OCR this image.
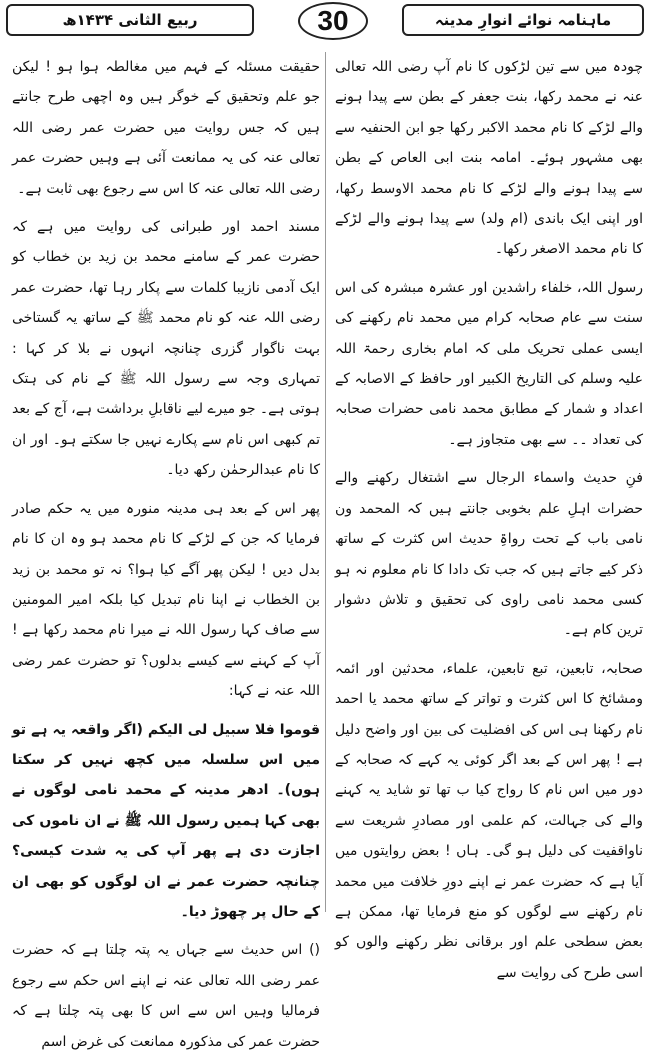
ربیع الثانی ۱۴۳۴ھ	30	ماہنامہ نوائے انوارِ مدینہ

چودہ میں سے تین لڑکوں کا نام آپ رضی اللہ تعالی عنہ نے محمد رکھا، بنت جعفر کے بطن سے پیدا ہونے والے لڑکے کا نام محمد الاکبر رکھا جو ابن الحنفیہ سے بھی مشہور ہوئے۔ امامہ بنت ابی العاص کے بطن سے پیدا ہونے والے لڑکے کا نام محمد الاوسط رکھا، اور اپنی ایک باندی (ام ولد) سے پیدا ہونے والے لڑکے کا نام محمد الاصغر رکھا۔

رسول اللہ، خلفاء راشدین اور عشرہ مبشرہ کی اس سنت سے عام صحابہ کرام میں محمد نام رکھنے کی ایسی عملی تحریک ملی کہ امام بخاری رحمۃ اللہ علیہ وسلم کی التاریخ الکبیر اور حافظ کے الاصابہ کے اعداد و شمار کے مطابق محمد نامی حضرات صحابہ کی تعداد ۔۔ سے بھی متجاوز ہے۔

فنِ حدیث واسماء الرجال سے اشتغال رکھنے والے حضرات اہلِ علم بخوبی جانتے ہیں کہ المحمد ون نامی باب کے تحت رواۃِ حدیث اس کثرت کے ساتھ ذکر کیے جاتے ہیں کہ جب تک دادا کا نام معلوم نہ ہو کسی محمد نامی راوی کی تحقیق و تلاش دشوار ترین کام ہے۔

صحابہ، تابعین، تبع تابعین، علماء، محدثین اور ائمہ ومشائخ کا اس کثرت و تواتر کے ساتھ محمد یا احمد نام رکھنا ہی اس کی افضلیت کی بین اور واضح دلیل ہے ! پھر اس کے بعد اگر کوئی یہ کہے کہ صحابہ کے دور میں اس نام کا رواج کیا ب تھا تو شاید یہ کہنے والے کی جہالت، کم علمی اور مصادرِ شریعت سے ناواقفیت کی دلیل ہو گی۔ ہاں ! بعض روایتوں میں آیا ہے کہ حضرت عمر نے اپنے دورِ خلافت میں محمد نام رکھنے سے لوگوں کو منع فرمایا تھا، ممکن ہے بعض سطحی علم اور برقانی نظر رکھنے والوں کو اسی طرح کی روایت سے

حقیقت مسئلہ کے فہم میں مغالطہ ہوا ہو ! لیکن جو علم وتحقیق کے خوگر ہیں وہ اچھی طرح جانتے ہیں کہ جس روایت میں حضرت عمر رضی اللہ تعالی عنہ کی یہ ممانعت آئی ہے وہیں حضرت عمر رضی اللہ تعالی عنہ کا اس سے رجوع بھی ثابت ہے۔

مسند احمد اور طبرانی کی روایت میں ہے کہ حضرت عمر کے سامنے محمد بن زید بن خطاب کو ایک آدمی نازیبا کلمات سے پکار رہا تھا، حضرت عمر رضی اللہ عنہ کو نام محمد ﷺ کے ساتھ یہ گستاخی بہت ناگوار گزری چنانچہ انہوں نے بلا کر کہا : تمہاری وجہ سے رسول اللہ ﷺ کے نام کی ہتک ہوتی ہے۔ جو میرے لیے ناقابلِ برداشت ہے، آج کے بعد تم کبھی اس نام سے پکارے نہیں جا سکتے ہو۔ اور ان کا نام عبدالرحمٰن رکھ دیا۔

پھر اس کے بعد ہی مدینہ منورہ میں یہ حکم صادر فرمایا کہ جن کے لڑکے کا نام محمد ہو وہ ان کا نام بدل دیں ! لیکن پھر آگے کیا ہوا؟ نہ تو محمد بن زید بن الخطاب نے اپنا نام تبدیل کیا بلکہ امیر المومنین سے صاف کہا رسول اللہ نے میرا نام محمد رکھا ہے ! آپ کے کہنے سے کیسے بدلوں؟ تو حضرت عمر رضی اللہ عنہ نے کہا:

قوموا فلا سبیل لی الیکم (اگر واقعہ یہ ہے تو میں اس سلسلہ میں کچھ نہیں کر سکتا ہوں)۔ ادھر مدینہ کے محمد نامی لوگوں نے بھی کہا ہمیں رسول اللہ ﷺ نے ان ناموں کی اجازت دی ہے پھر آپ کی یہ شدت کیسی؟ چنانچہ حضرت عمر نے ان لوگوں کو بھی ان کے حال پر چھوڑ دیا۔

() اس حدیث سے جہاں یہ پتہ چلتا ہے کہ حضرت عمر رضی اللہ تعالی عنہ نے اپنے اس حکم سے رجوع فرمالیا وہیں اس سے اس کا بھی پتہ چلتا ہے کہ حضرت عمر کی مذکورہ ممانعت کی غرض اسم
